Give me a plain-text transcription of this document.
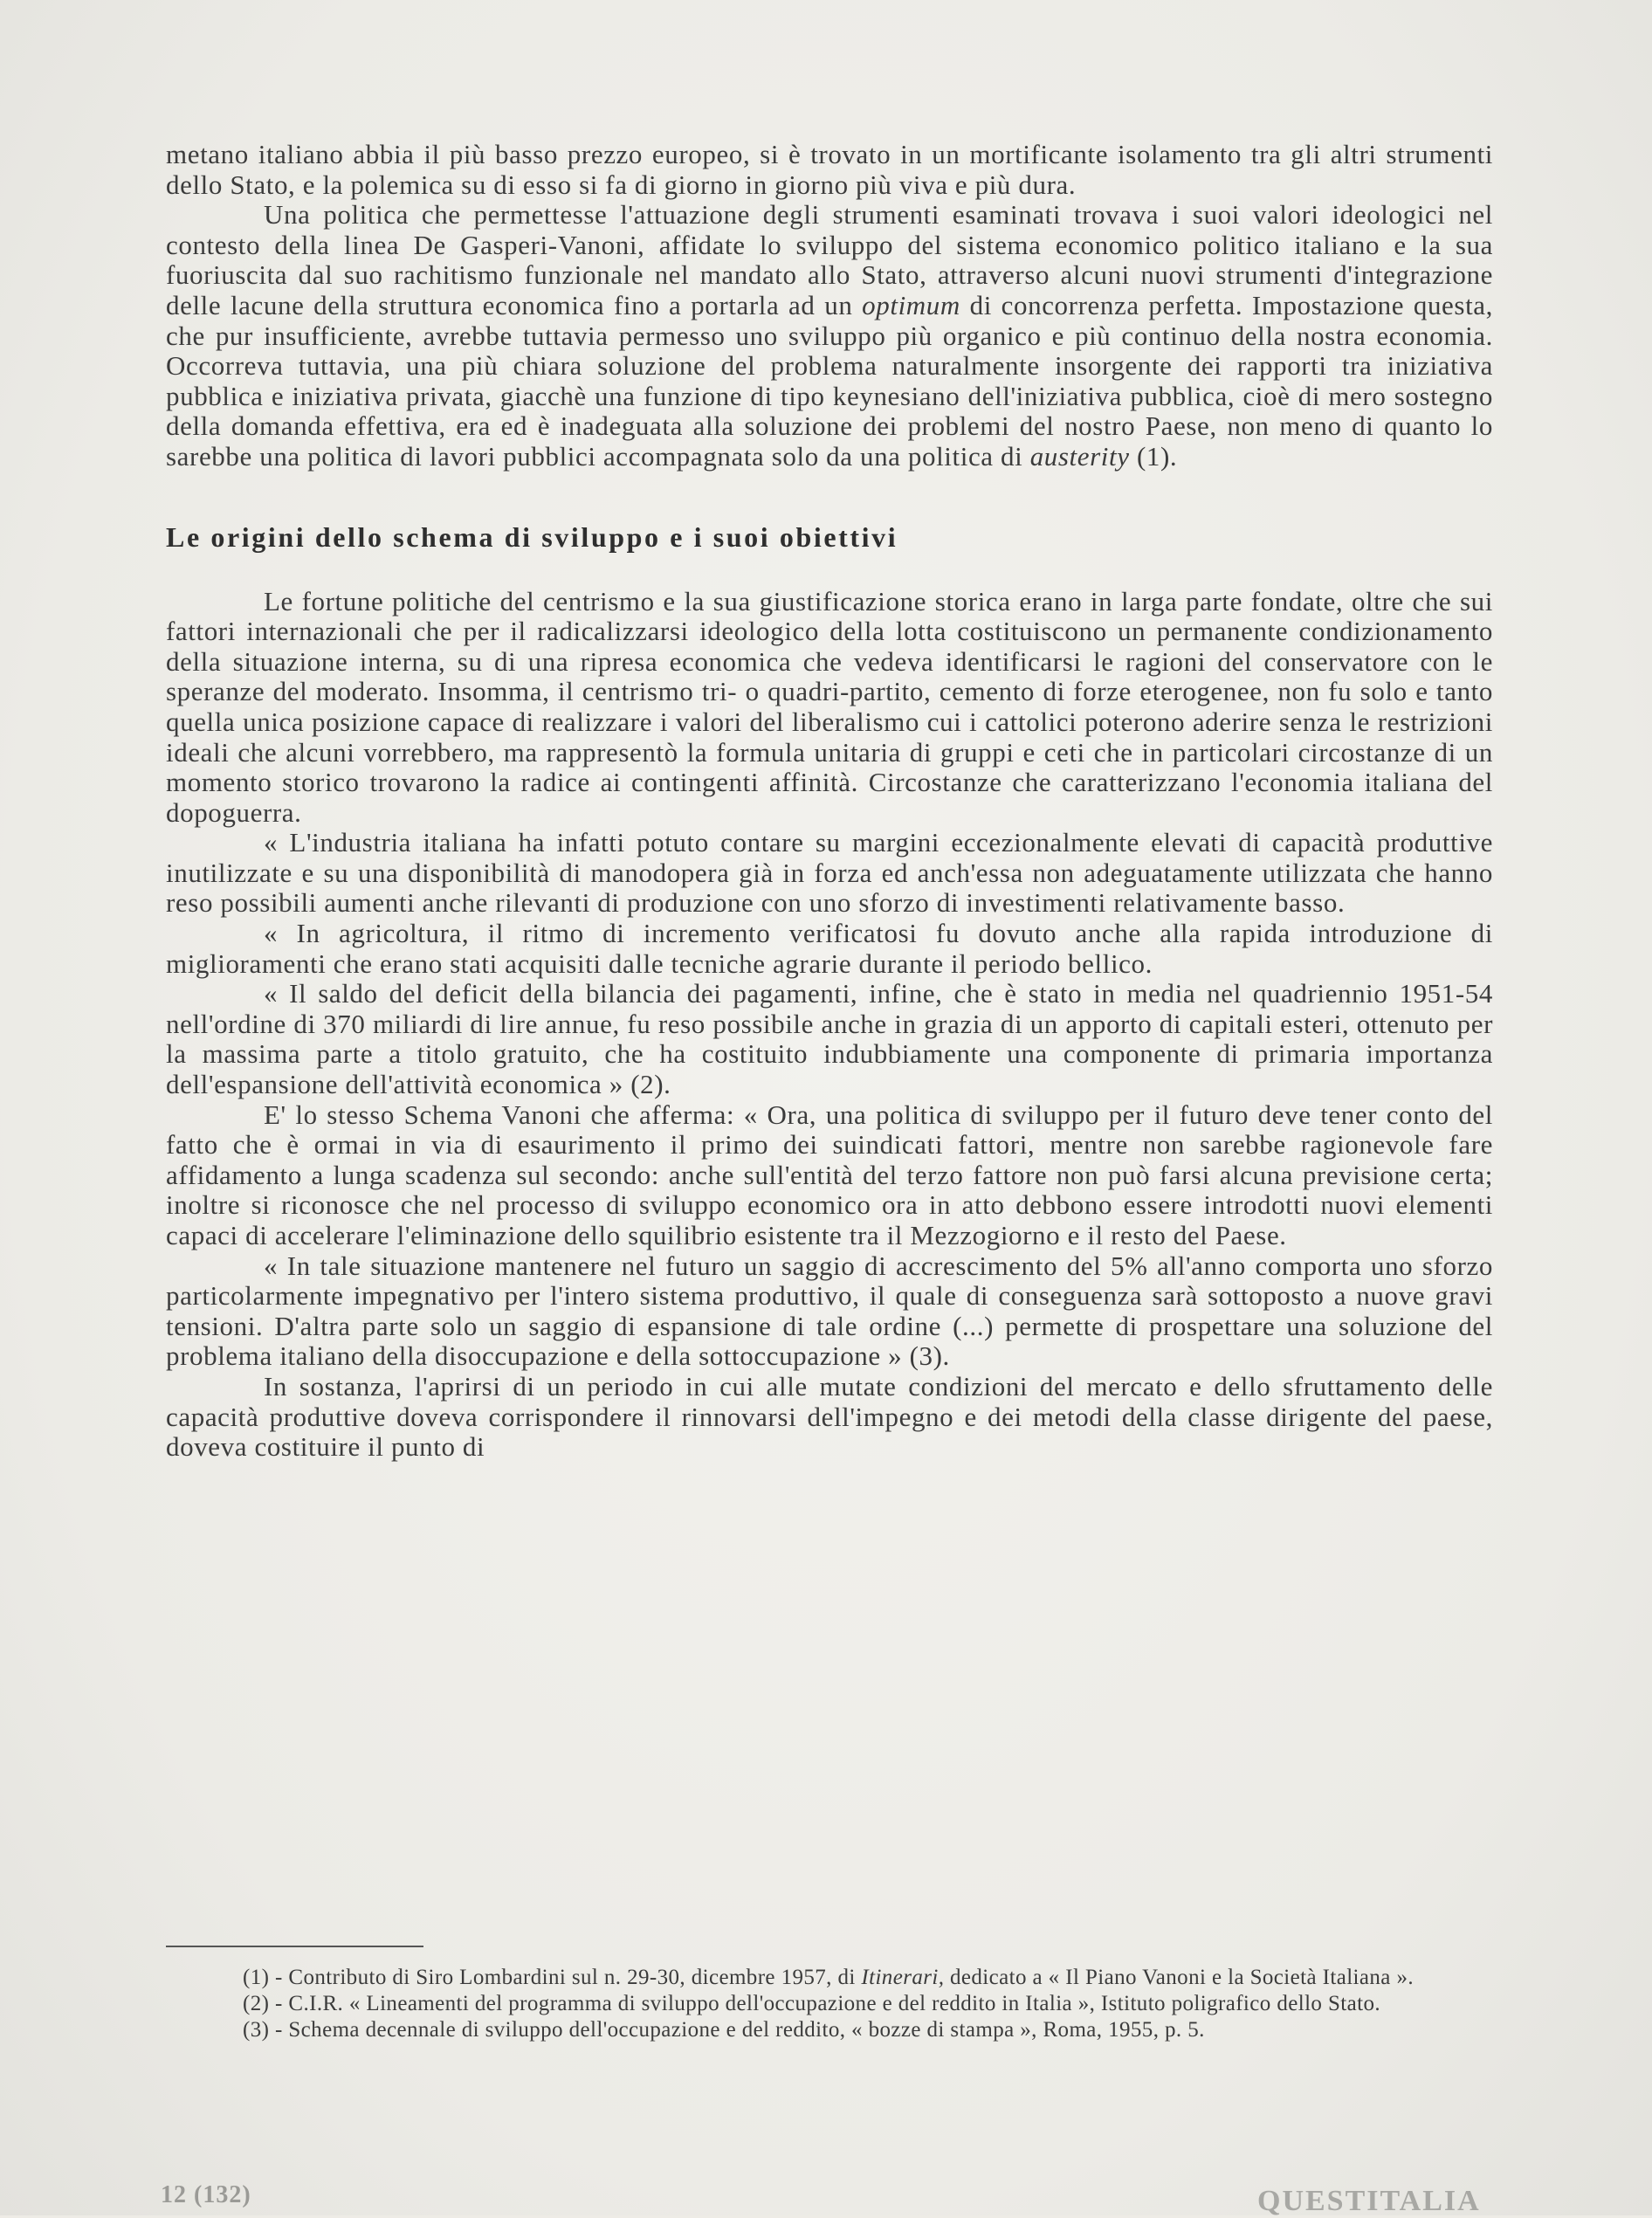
metano italiano abbia il più basso prezzo europeo, si è trovato in un mortificante isolamento tra gli altri strumenti dello Stato, e la polemica su di esso si fa di giorno in giorno più viva e più dura.

Una politica che permettesse l'attuazione degli strumenti esaminati trovava i suoi valori ideologici nel contesto della linea De Gasperi-Vanoni, affidate lo sviluppo del sistema economico politico italiano e la sua fuoriuscita dal suo rachitismo funzionale nel mandato allo Stato, attraverso alcuni nuovi strumenti d'integrazione delle lacune della struttura economica fino a portarla ad un optimum di concorrenza perfetta. Impostazione questa, che pur insufficiente, avrebbe tuttavia permesso uno sviluppo più organico e più continuo della nostra economia. Occorreva tuttavia, una più chiara soluzione del problema naturalmente insorgente dei rapporti tra iniziativa pubblica e iniziativa privata, giacchè una funzione di tipo keynesiano dell'iniziativa pubblica, cioè di mero sostegno della domanda effettiva, era ed è inadeguata alla soluzione dei problemi del nostro Paese, non meno di quanto lo sarebbe una politica di lavori pubblici accompagnata solo da una politica di austerity (1).

Le origini dello schema di sviluppo e i suoi obiettivi

Le fortune politiche del centrismo e la sua giustificazione storica erano in larga parte fondate, oltre che sui fattori internazionali che per il radicalizzarsi ideologico della lotta costituiscono un permanente condizionamento della situazione interna, su di una ripresa economica che vedeva identificarsi le ragioni del conservatore con le speranze del moderato. Insomma, il centrismo tri- o quadri-partito, cemento di forze eterogenee, non fu solo e tanto quella unica posizione capace di realizzare i valori del liberalismo cui i cattolici poterono aderire senza le restrizioni ideali che alcuni vorrebbero, ma rappresentò la formula unitaria di gruppi e ceti che in particolari circostanze di un momento storico trovarono la radice ai contingenti affinità. Circostanze che caratterizzano l'economia italiana del dopoguerra.

« L'industria italiana ha infatti potuto contare su margini eccezionalmente elevati di capacità produttive inutilizzate e su una disponibilità di manodopera già in forza ed anch'essa non adeguatamente utilizzata che hanno reso possibili aumenti anche rilevanti di produzione con uno sforzo di investimenti relativamente basso.

« In agricoltura, il ritmo di incremento verificatosi fu dovuto anche alla rapida introduzione di miglioramenti che erano stati acquisiti dalle tecniche agrarie durante il periodo bellico.

« Il saldo del deficit della bilancia dei pagamenti, infine, che è stato in media nel quadriennio 1951-54 nell'ordine di 370 miliardi di lire annue, fu reso possibile anche in grazia di un apporto di capitali esteri, ottenuto per la massima parte a titolo gratuito, che ha costituito indubbiamente una componente di primaria importanza dell'espansione dell'attività economica » (2).

E' lo stesso Schema Vanoni che afferma: « Ora, una politica di sviluppo per il futuro deve tener conto del fatto che è ormai in via di esaurimento il primo dei suindicati fattori, mentre non sarebbe ragionevole fare affidamento a lunga scadenza sul secondo: anche sull'entità del terzo fattore non può farsi alcuna previsione certa; inoltre si riconosce che nel processo di sviluppo economico ora in atto debbono essere introdotti nuovi elementi capaci di accelerare l'eliminazione dello squilibrio esistente tra il Mezzogiorno e il resto del Paese.

« In tale situazione mantenere nel futuro un saggio di accrescimento del 5% all'anno comporta uno sforzo particolarmente impegnativo per l'intero sistema produttivo, il quale di conseguenza sarà sottoposto a nuove gravi tensioni. D'altra parte solo un saggio di espansione di tale ordine (...) permette di prospettare una soluzione del problema italiano della disoccupazione e della sottoccupazione » (3).

In sostanza, l'aprirsi di un periodo in cui alle mutate condizioni del mercato e dello sfruttamento delle capacità produttive doveva corrispondere il rinnovarsi dell'impegno e dei metodi della classe dirigente del paese, doveva costituire il punto di

(1) - Contributo di Siro Lombardini sul n. 29-30, dicembre 1957, di Itinerari, dedicato a « Il Piano Vanoni e la Società Italiana ».

(2) - C.I.R. « Lineamenti del programma di sviluppo dell'occupazione e del reddito in Italia », Istituto poligrafico dello Stato.

(3) - Schema decennale di sviluppo dell'occupazione e del reddito, « bozze di stampa », Roma, 1955, p. 5.

12 (132)	QUESTITALIA
